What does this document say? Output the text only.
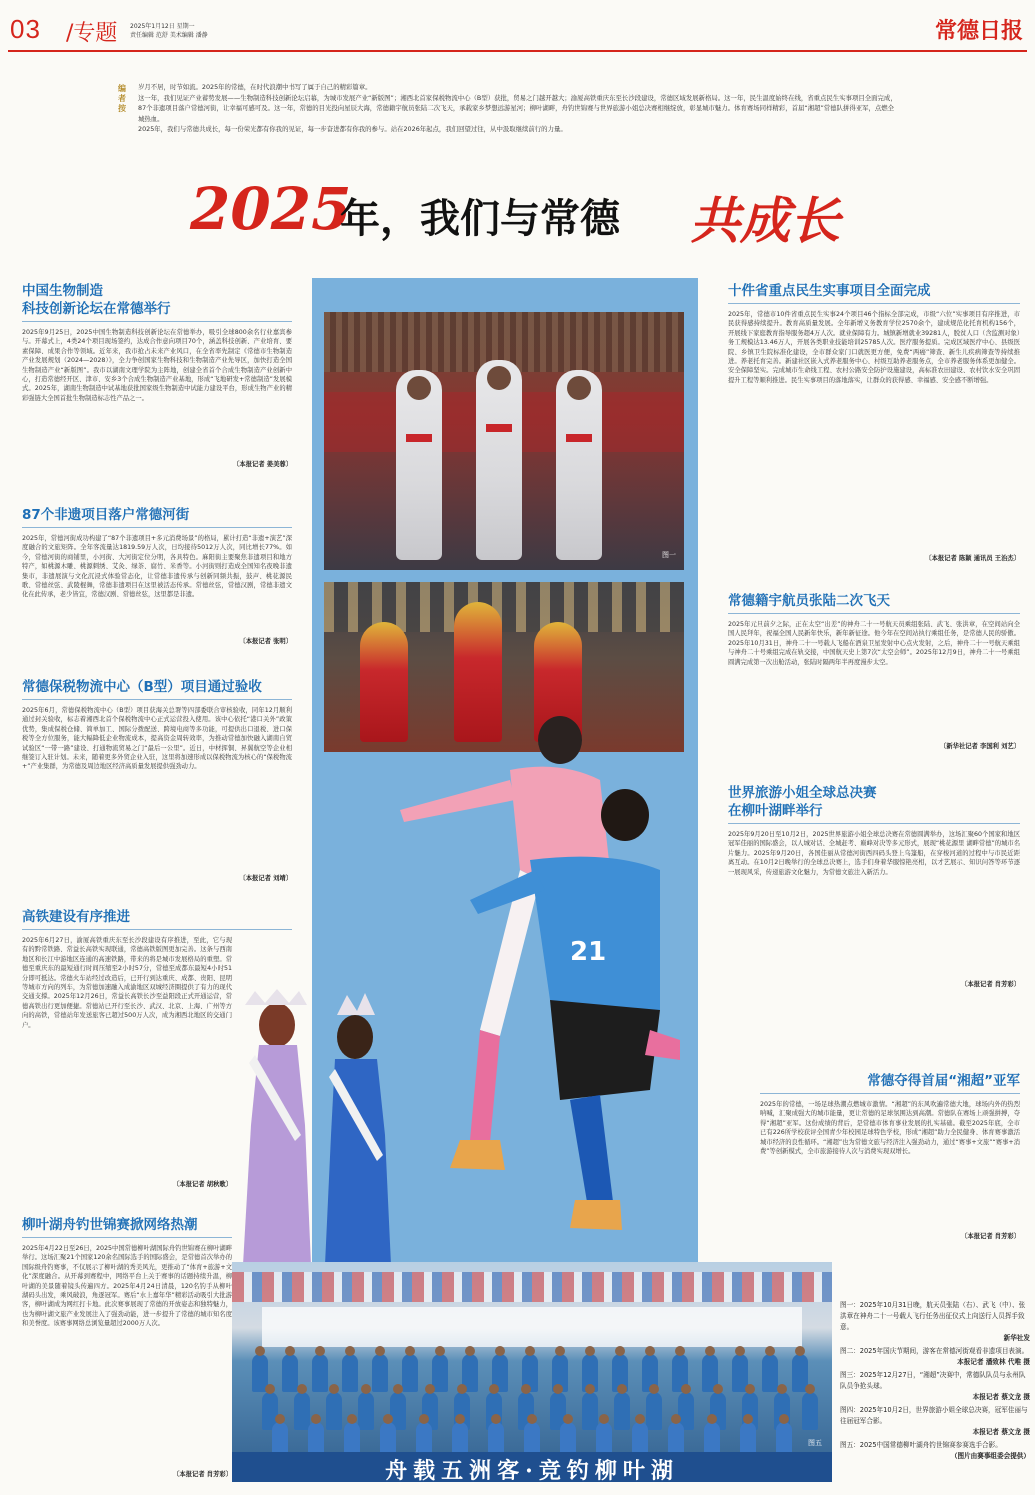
03 /专题 2025年1月12日 星期一
责任编辑 范舒 美术编辑 潘静	常德日报
编者按
岁月不居，时节如流。2025年的常德，在时代浪潮中书写了属于自己的精彩篇章。
这一年，我们见证产业蓄势发展——生物制造科技创新论坛启幕，为城市发展产业“新版图”；湘西北首家保税物流中心（B型）获批，贸易之门越开越大；渝厦高铁重庆东至长沙段建设，常德区域发展新格局。这一年，民生温度始终在线，省重点民生实事项目全面完成，87个非遗项目落户常德河街，让幸福可感可及。这一年，常德的目光投向星辰大海，常德籍宇航员张陆二次飞天，承载家乡梦想远游星河；柳叶湖畔，舟钓世锦赛与世界旅游小姐总决赛相继绽放，彰显城市魅力。体育赛场同样精彩，首届“湘超”常德队拼得亚军，点燃全城热血。
2025年，我们与常德共成长，每一份荣光都有你我的见证，每一步奋进都有你我的参与。站在2026年起点，我们回望过往，从中汲取继续前行的力量。
2025
年，我们与常德 共成长
中国生物制造
科技创新论坛在常德举行
2025年9月25日，2025中国生物制造科技创新论坛在常德举办，吸引全球800余名行业嘉宾参与。开幕式上，4类24个项目现场签约，达成合作意向项目70个，涵盖科技创新、产业培育、要素保障、成果合作等领域。近年来，我市抢占未来产业风口，在全省率先制定《常德市生物制造产业发展规划（2024—2028）》，全力争创国家生物科技和生物制造产业先导区，加快打造全国生物制造产业“新版图”。我市以湖南文理学院为主阵地，创建全省首个合成生物制造产业创新中心，打造常德经开区、津市、安乡3个合成生物制造产业基地，形成“飞地研发+常德制造”发展模式。2025年，湖南生物制造中试基地获批国家级生物制造中试能力建设平台，形成生物产业的精彩强链大全国首批生物制造标志性产品之一。
〔本报记者 姜美蓉〕
87个非遗项目落户常德河街
2025年，常德河街成功构建了“87个非遗项目+多元消费场景”的格局，累计打造“非遗+演艺”深度融合的文旅矩阵。全年客流量达1819.59万人次，日均接待5012万人次，同比增长77%。如今，常德河街的商铺里，小河街、大河街定位分明，各具特色。麻阳街主要聚焦非遗项目和地方特产，如桃源木雕、桃源刺绣、艾灸、绿茶、腐竹、米香等。小河街则打造成全国知名夜晚非遗集市，非遗展演与文化沉浸式体验常态化，让常德非遗传承与创新同频共振，鼓声、桃花源民歌、常德丝弦、武陵棍舞，常德非遗项目在这里被活态传承。常德丝弦，常德汉剧，常德非遗文化在此传承，老少皆宜，常德汉剧、常德丝弦，这里都是非遗。
〔本报记者 张明〕
常德保税物流中心（B型）项目通过验收
2025年6月，常德保税物流中心（B型）项目获海关总署等四部委联合审核验收，同年12月顺利通过封关验收，标志着湘西北首个保税物流中心正式运营投入使用。该中心依托“港口关外”政策优势，集成保税仓储、简单加工、国际分拨配送、跨境电商等多功能，可提供出口退税、进口保税等全方位服务，能大幅降低企业物流成本，提高资金周转效率，为推动常德加快融入湖南自贸试验区“一带一路”建设、打通物流贸易之门“最后一公里”。近日，中材挥铜、昇翼航空等企业相继签订入驻计划。未来，随着更多外贸企业入驻，这里将加速形成以保税物流为核心的“保税物流+”产业集群，为常德及周边地区经济高质量发展提供强劲动力。
〔本报记者 刘靖〕
高铁建设有序推进
2025年6月27日，渝厦高铁重庆东至长沙段建设有序推进，至此，它与现有的黔常铁路、常益长高铁实现联通，常德高铁版图更加完善。这条与西南地区和长江中游地区连通的高速铁路，带来的将是城市发展格局的重塑。常德至重庆东的最短通行时间压缩至2小时57分，常德至成都东最短4小时51分即可抵达。常德火车站经过改造后，已开行到达重庆、成都、贵阳、昆明等城市方向的列车，为常德加速融入成渝地区双城经济圈提供了有力的现代交通支撑。2025年12月26日，常益长高铁长沙至益阳段正式开通运营，常德高铁出行更加便捷。常德站已开行至长沙、武汉、北京、上海、广州等方向的高铁，常德站年发送旅客已超过500万人次，成为湘西北地区的交通门户。
〔本报记者 胡秋歌〕
柳叶湖舟钓世锦赛掀网络热潮
2025年4月22日至26日，2025中国常德柳叶湖国际舟钓世锦赛在柳叶湖畔举行。这场汇聚21个国家120余名国际选手的国际盛会，是常德首次举办的国际级舟钓赛事，不仅展示了柳叶湖的秀美风光，更推动了“体育+旅游+文化”深度融合。从开幕到赛程中，网络平台上关于赛事的话题持续升温，柳叶湖的美景随着镜头传遍四方。2025年4月24日清晨，120名钓手从柳叶湖码头出发，乘风破浪，角逐冠军。赛后“水上嘉年华”精彩活动吸引大批游客，柳叶湖成为网红打卡地。此次赛事展现了常德的开放姿态和独特魅力，也为柳叶湖文旅产业发展注入了强劲动能，进一步提升了常德的城市知名度和美誉度。该赛事网络总浏览量超过2000万人次。
〔本报记者 肖芳彩〕
图一
21
图五
舟载五洲客·竞钓柳叶湖
十件省重点民生实事项目全面完成
2025年，常德市10件省重点民生实事24个项目46个指标全部完成，市级“六位”实事项目有序推进，市民获得感持续提升。教育高质量发展。全年新增义务教育学位2570余个，建成规范化托育机构156个，开展线下家庭教育指导服务超4万人次。就业保障有力。城镇新增就业39281人，脱贫人口（含监测对象）务工规模达13.46万人，开展各类职业技能培训25785人次。医疗服务提质。完成区域医疗中心、县级医院、乡镇卫生院标准化建设，全市群众家门口就医更方便，免费“两癌”筛查、新生儿疾病筛查等持续推进。养老托育完善。新建社区嵌入式养老服务中心、村级互助养老服务点，全市养老服务体系更加健全。安全保障坚实。完成城市生命线工程、农村公路安全防护设施建设，高标准农田建设、农村饮水安全巩固提升工程等顺利推进。民生实事项目的落地落实，让群众的获得感、幸福感、安全感不断增强。
〔本报记者 陈颖 通讯员 王治杰〕
常德籍宇航员张陆二次飞天
2025年元旦前夕之际，正在太空“出差”的神舟二十一号航天员乘组张陆、武飞、张洪章，在空间站向全国人民拜年，祝福全国人民新年快乐，新年新征途。他今年在空间站执行乘组任务，是常德人民的骄傲。2025年10月31日，神舟二十一号载人飞船在酒泉卫星发射中心点火发射，之后，神舟二十一号航天乘组与神舟二十号乘组完成在轨交接，中国航天史上第7次“太空会师”。2025年12月9日，神舟二十一号乘组圆满完成第一次出舱活动，张陆时隔两年半再度漫步太空。
〔新华社记者 李国利 刘艺〕
世界旅游小姐全球总决赛
在柳叶湖畔举行
2025年9月20日至10月2日，2025世界旅游小姐全球总决赛在常德圆满举办，这场汇聚60个国家和地区冠军佳丽的国际盛会，以人城对话、全城赶考、巅峰对决等多元形式，展现“桃花源里 湖畔常德”的城市名片魅力。2025年9月20日，各国佳丽从常德河街西四码头登上乌篷船，在穿梭河道的过程中与市民近距离互动。在10月2日晚举行的全球总决赛上，选手们身着华服惊艳亮相，以才艺展示、知识问答等环节逐一展现风采，传递旅游文化魅力，为常德文旅注入新活力。
〔本报记者 肖芳彩〕
常德夺得首届“湘超”亚军
2025年的常德，一场足球热潮点燃城市激情。“湘超”的东风吹遍常德大地，球场内外的热烈呐喊，汇聚成强大的城市能量，更让常德的足球氛围达到高潮。常德队在赛场上顽强拼搏，夺得“湘超”亚军。这份成绩的背后，是常德市体育事业发展的扎实基础。截至2025年底，全市已有226所学校获评全国青少年校园足球特色学校，形成“湘超”助力全民健身、体育赛事激活城市经济的良性循环。“湘超”也为常德文旅与经济注入强劲动力，通过“赛事+文旅”“赛事+消费”等创新模式，全市旅游接待人次与消费实现双增长。
〔本报记者 肖芳彩〕
图一：2025年10月31日晚，航天员张陆（右）、武飞（中）、张洪章在神舟二十一号载人飞行任务出征仪式上向送行人员挥手致意。
新华社发
图二：2025年国庆节期间，游客在常德河街观看非遗项目表演。
本报记者 潘致林 代唯 摄
图三：2025年12月27日，“湘超”决赛中，常德队队员与永州队队员争抢头球。
本报记者 蔡文龙 摄
图四：2025年10月2日，世界旅游小姐全球总决赛，冠军佳丽与往届冠军合影。
本报记者 蔡文龙 摄
图五：2025中国常德柳叶湖舟钓世锦赛参赛选手合影。
（图片由赛事组委会提供）
